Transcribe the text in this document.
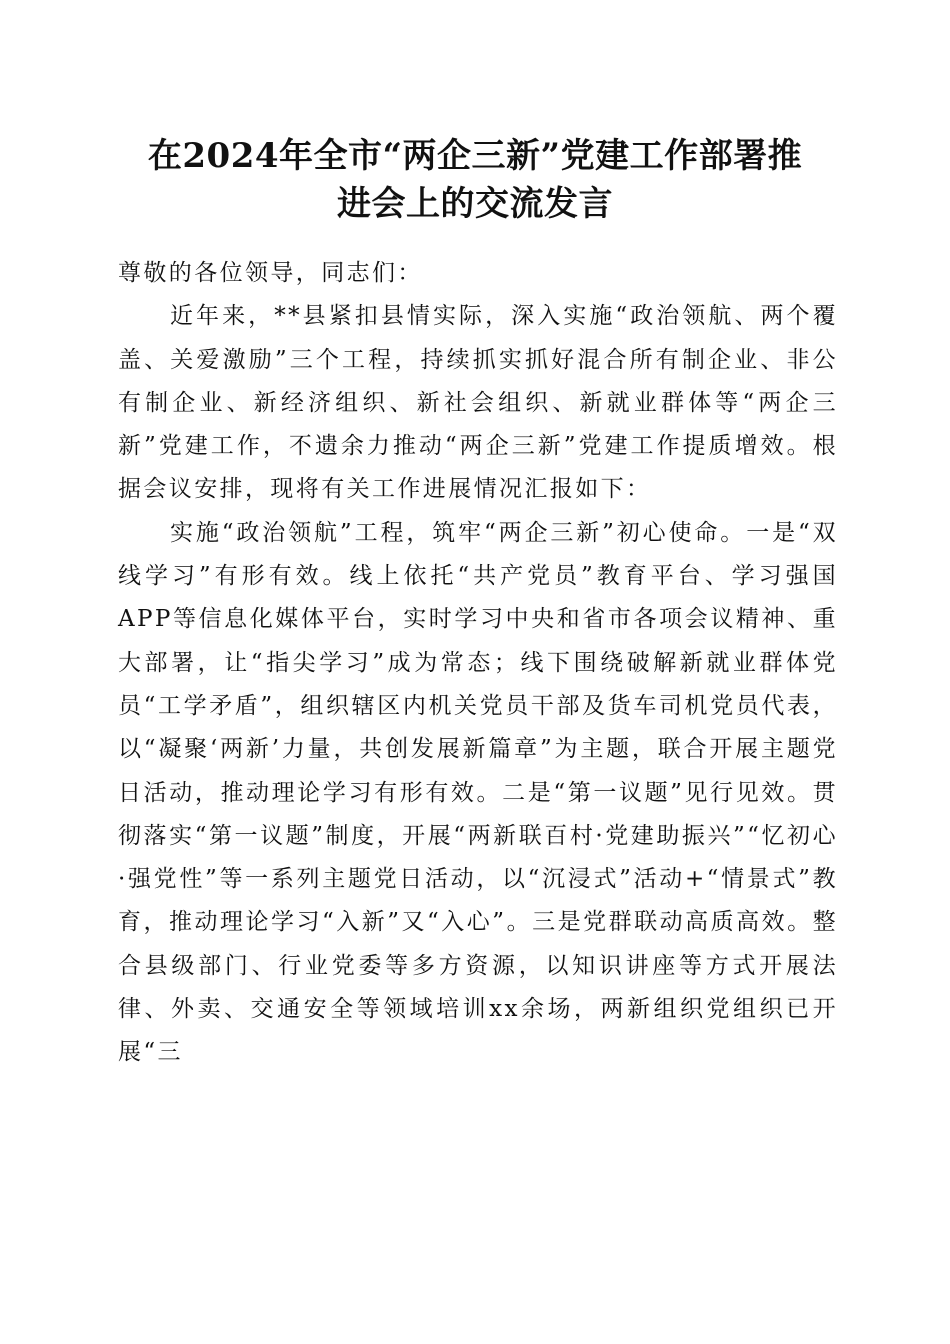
在2024年全市“两企三新”党建工作部署推
进会上的交流发言

尊敬的各位领导，同志们：

近年来，**县紧扣县情实际，深入实施“政治领航、两个覆盖、关爱激励”三个工程，持续抓实抓好混合所有制企业、非公有制企业、新经济组织、新社会组织、新就业群体等“两企三新”党建工作，不遗余力推动“两企三新”党建工作提质增效。根据会议安排，现将有关工作进展情况汇报如下：

实施“政治领航”工程，筑牢“两企三新”初心使命。一是“双线学习”有形有效。线上依托“共产党员”教育平台、学习强国APP等信息化媒体平台，实时学习中央和省市各项会议精神、重大部署，让“指尖学习”成为常态；线下围绕破解新就业群体党员“工学矛盾”，组织辖区内机关党员干部及货车司机党员代表，以“凝聚‘两新’力量，共创发展新篇章”为主题，联合开展主题党日活动，推动理论学习有形有效。二是“第一议题”见行见效。贯彻落实“第一议题”制度，开展“两新联百村·党建助振兴”“忆初心·强党性”等一系列主题党日活动，以“沉浸式”活动+“情景式”教育，推动理论学习“入新”又“入心”。三是党群联动高质高效。整合县级部门、行业党委等多方资源，以知识讲座等方式开展法律、外卖、交通安全等领域培训xx余场，两新组织党组织已开展“三
